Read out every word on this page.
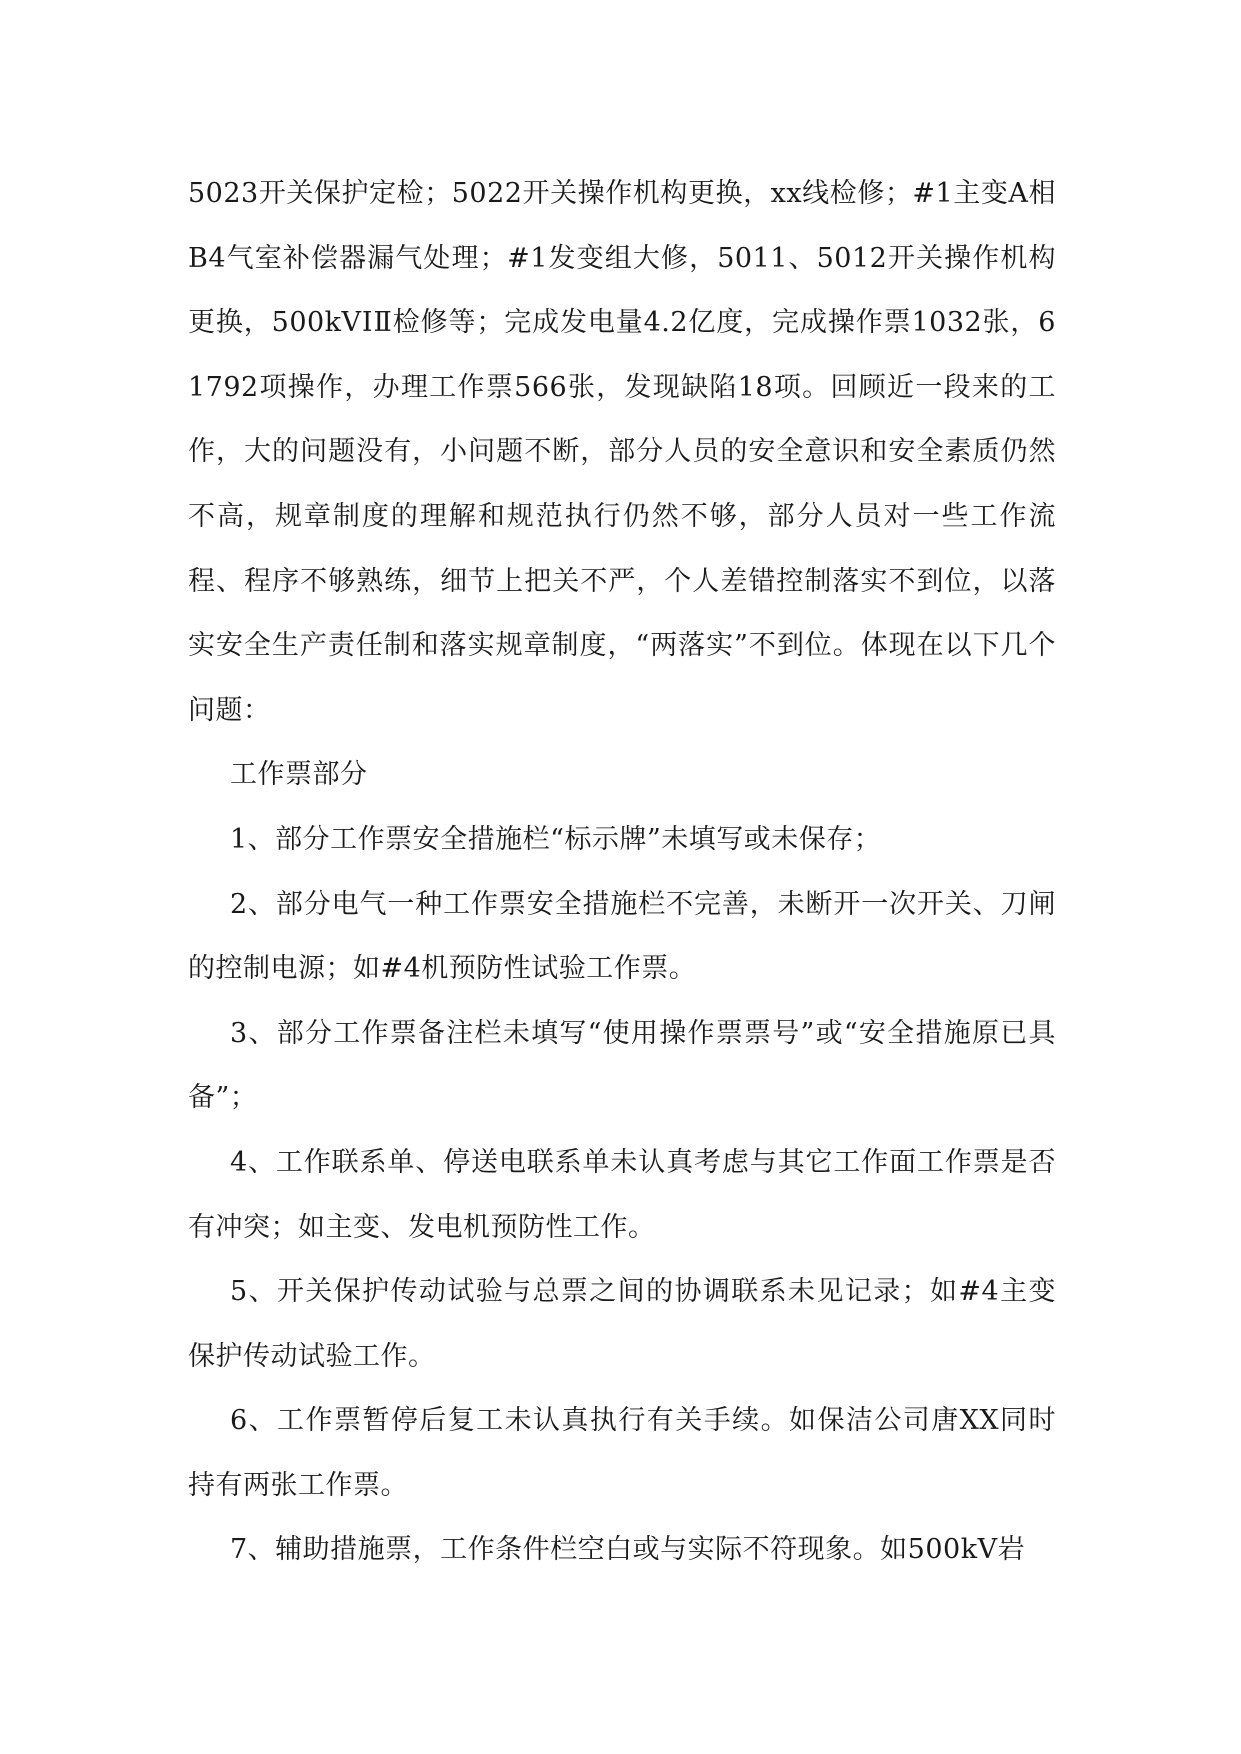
5023开关保护定检；5022开关操作机构更换，xx线检修；#1主变A相B4气室补偿器漏气处理；#1发变组大修，5011、5012开关操作机构更换，500kVⅠⅡ检修等；完成发电量4.2亿度，完成操作票1032张，61792项操作，办理工作票566张，发现缺陷18项。回顾近一段来的工作，大的问题没有，小问题不断，部分人员的安全意识和安全素质仍然不高，规章制度的理解和规范执行仍然不够，部分人员对一些工作流程、程序不够熟练，细节上把关不严，个人差错控制落实不到位，以落实安全生产责任制和落实规章制度，“两落实”不到位。体现在以下几个问题：

工作票部分

1、部分工作票安全措施栏“标示牌”未填写或未保存；

2、部分电气一种工作票安全措施栏不完善，未断开一次开关、刀闸的控制电源；如#4机预防性试验工作票。

3、部分工作票备注栏未填写“使用操作票票号”或“安全措施原已具备”；

4、工作联系单、停送电联系单未认真考虑与其它工作面工作票是否有冲突；如主变、发电机预防性工作。

5、开关保护传动试验与总票之间的协调联系未见记录；如#4主变保护传动试验工作。

6、工作票暂停后复工未认真执行有关手续。如保洁公司唐XX同时持有两张工作票。

7、辅助措施票，工作条件栏空白或与实际不符现象。如500kV岩
